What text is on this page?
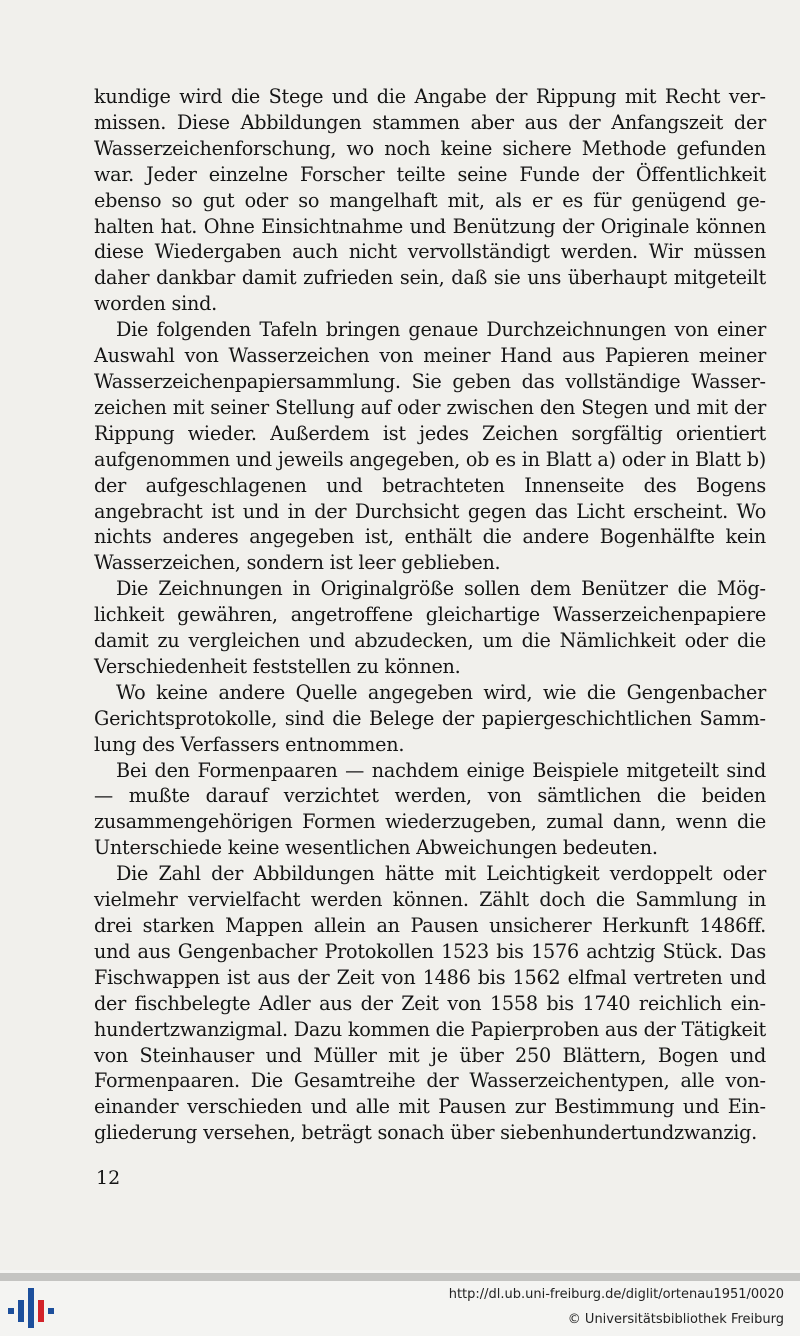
kundige wird die Stege und die Angabe der Rippung mit Recht vermissen. Diese Abbildungen stammen aber aus der Anfangszeit der Wasserzeichenforschung, wo noch keine sichere Methode gefunden war. Jeder einzelne Forscher teilte seine Funde der Öffentlichkeit ebenso so gut oder so mangelhaft mit, als er es für genügend gehalten hat. Ohne Einsichtnahme und Benützung der Originale können diese Wiedergaben auch nicht vervollständigt werden. Wir müssen daher dankbar damit zufrieden sein, daß sie uns überhaupt mitgeteilt worden sind.

Die folgenden Tafeln bringen genaue Durchzeichnungen von einer Auswahl von Wasserzeichen von meiner Hand aus Papieren meiner Wasserzeichenpapiersammlung. Sie geben das vollständige Wasserzeichen mit seiner Stellung auf oder zwischen den Stegen und mit der Rippung wieder. Außerdem ist jedes Zeichen sorgfältig orientiert aufgenommen und jeweils angegeben, ob es in Blatt a) oder in Blatt b) der aufgeschlagenen und betrachteten Innenseite des Bogens angebracht ist und in der Durchsicht gegen das Licht erscheint. Wo nichts anderes angegeben ist, enthält die andere Bogenhälfte kein Wasserzeichen, sondern ist leer geblieben.

Die Zeichnungen in Originalgröße sollen dem Benützer die Möglichkeit gewähren, angetroffene gleichartige Wasserzeichenpapiere damit zu vergleichen und abzudecken, um die Nämlichkeit oder die Verschiedenheit feststellen zu können.

Wo keine andere Quelle angegeben wird, wie die Gengenbacher Gerichtsprotokolle, sind die Belege der papiergeschichtlichen Sammlung des Verfassers entnommen.

Bei den Formenpaaren — nachdem einige Beispiele mitgeteilt sind — mußte darauf verzichtet werden, von sämtlichen die beiden zusammengehörigen Formen wiederzugeben, zumal dann, wenn die Unterschiede keine wesentlichen Abweichungen bedeuten.

Die Zahl der Abbildungen hätte mit Leichtigkeit verdoppelt oder vielmehr vervielfacht werden können. Zählt doch die Sammlung in drei starken Mappen allein an Pausen unsicherer Herkunft 1486ff. und aus Gengenbacher Protokollen 1523 bis 1576 achtzig Stück. Das Fischwappen ist aus der Zeit von 1486 bis 1562 elfmal vertreten und der fischbelegte Adler aus der Zeit von 1558 bis 1740 reichlich einhundertzwanzigmal. Dazu kommen die Papierproben aus der Tätigkeit von Steinhauser und Müller mit je über 250 Blättern, Bogen und Formenpaaren. Die Gesamtreihe der Wasserzeichentypen, alle voneinander verschieden und alle mit Pausen zur Bestimmung und Eingliederung versehen, beträgt sonach über siebenhundertundzwanzig.

12
http://dl.ub.uni-freiburg.de/diglit/ortenau1951/0020
© Universitätsbibliothek Freiburg
